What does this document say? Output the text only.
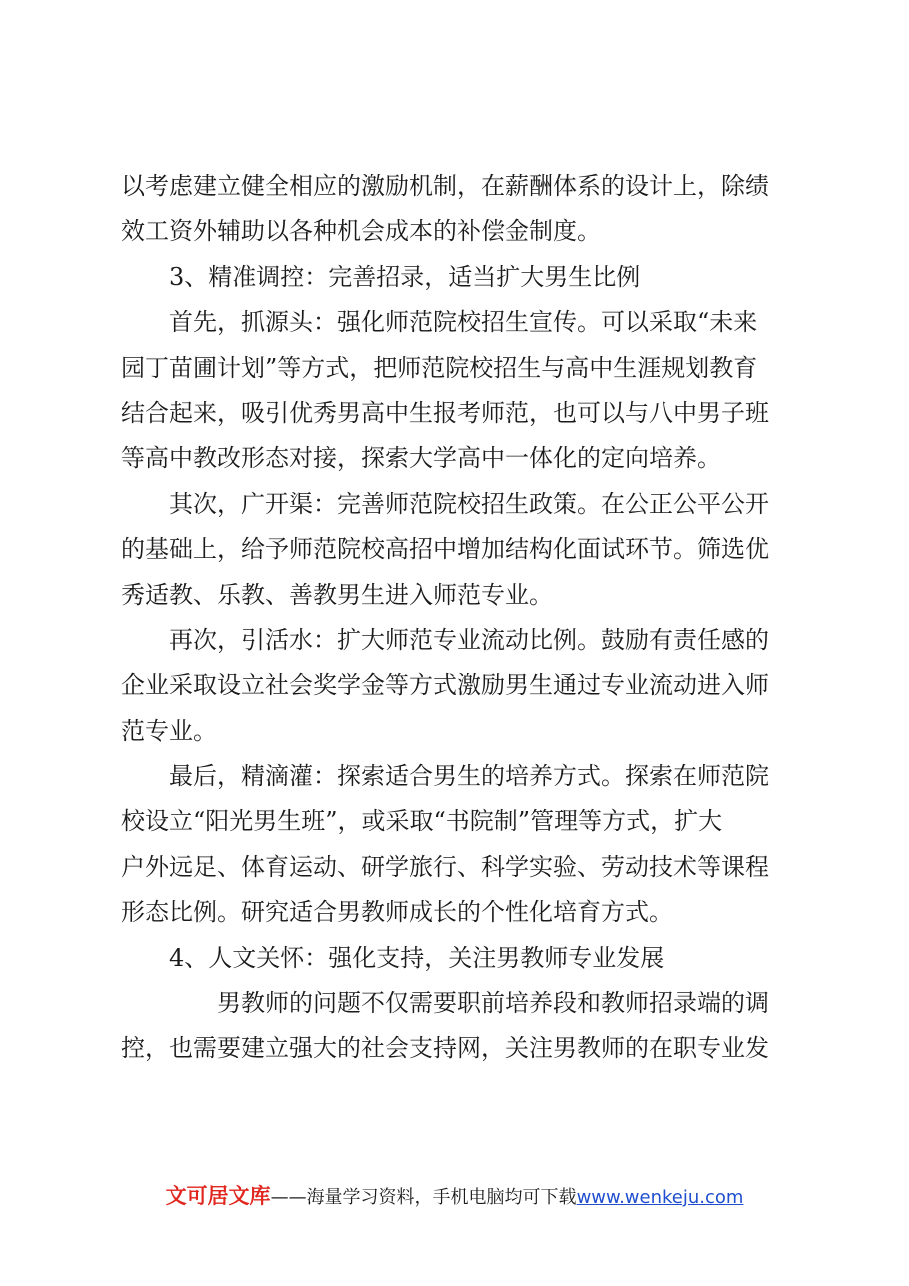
以考虑建立健全相应的激励机制，在薪酬体系的设计上，除绩
效工资外辅助以各种机会成本的补偿金制度。
3、精准调控：完善招录，适当扩大男生比例
首先，抓源头：强化师范院校招生宣传。可以采取“未来
园丁苗圃计划”等方式，把师范院校招生与高中生涯规划教育
结合起来，吸引优秀男高中生报考师范，也可以与八中男子班
等高中教改形态对接，探索大学高中一体化的定向培养。
其次，广开渠：完善师范院校招生政策。在公正公平公开
的基础上，给予师范院校高招中增加结构化面试环节。筛选优
秀适教、乐教、善教男生进入师范专业。
再次，引活水：扩大师范专业流动比例。鼓励有责任感的
企业采取设立社会奖学金等方式激励男生通过专业流动进入师
范专业。
最后，精滴灌：探索适合男生的培养方式。探索在师范院
校设立“阳光男生班”，或采取“书院制”管理等方式，扩大
户外远足、体育运动、研学旅行、科学实验、劳动技术等课程
形态比例。研究适合男教师成长的个性化培育方式。
4、人文关怀：强化支持，关注男教师专业发展
男教师的问题不仅需要职前培养段和教师招录端的调
控，也需要建立强大的社会支持网，关注男教师的在职专业发
文可居文库——海量学习资料，手机电脑均可下载www.wenkeju.com
